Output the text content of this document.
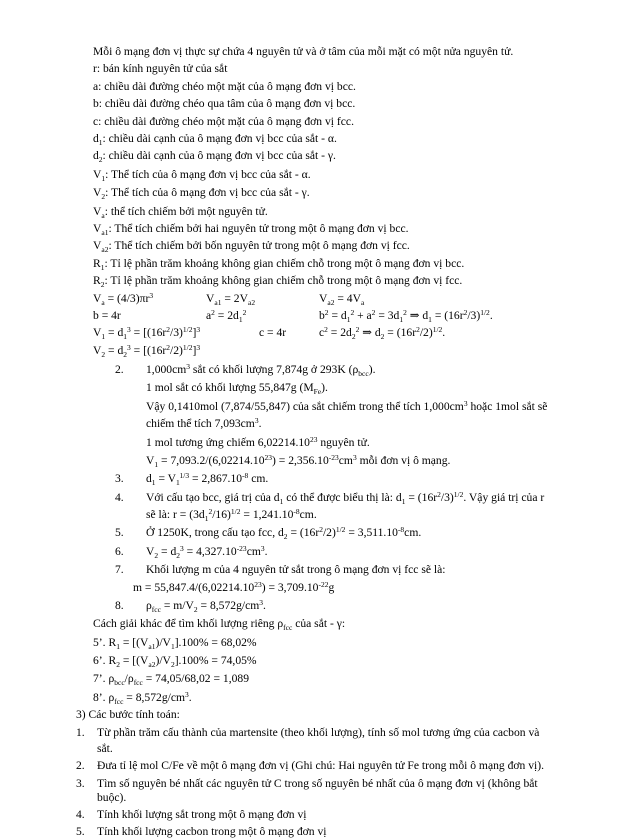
Mỗi ô mạng đơn vị thực sự chứa 4 nguyên tử và ở tâm của mỗi mặt có một nửa nguyên tử.
r: bán kính nguyên tử của sắt
a: chiều dài đường chéo một mặt của ô mạng đơn vị bcc.
b: chiều dài đường chéo qua tâm của ô mạng đơn vị bcc.
c: chiều dài đường chéo một mặt của ô mạng đơn vị fcc.
$d_1$: chiều dài cạnh của ô mạng đơn vị bcc của sắt - α.
$d_2$: chiều dài cạnh của ô mạng đơn vị bcc của sắt - γ.
$V_1$: Thể tích của ô mạng đơn vị bcc của sắt - α.
$V_2$: Thể tích của ô mạng đơn vị bcc của sắt - γ.
$V_a$: thể tích chiếm bởi một nguyên tử.
$V_{a1}$: Thể tích chiếm bởi hai nguyên tử trong một ô mạng đơn vị bcc.
$V_{a2}$: Thể tích chiếm bởi bốn nguyên tử trong một ô mạng đơn vị fcc.
$R_1$: Tỉ lệ phần trăm khoảng không gian chiếm chỗ trong một ô mạng đơn vị bcc.
$R_2$: Tỉ lệ phần trăm khoảng không gian chiếm chỗ trong một ô mạng đơn vị fcc.
$V_a = (4/3)\pi r^3$	$V_{a1} = 2V_{a2}$	$V_{a2} = 4V_a$
b = 4r	$a^2 = 2d_1^2$	$b^2 = d_1^2 + a^2 = 3d_1^2$ ⇒ $d_1 = (16r^2/3)^{1/2}$.
$V_1 = d_1^3 = [(16r^2/3)^{1/2}]^3$	c = 4r	$c^2 = 2d_2^2$ ⇒ $d_2 = (16r^2/2)^{1/2}$.
$V_2 = d_2^3 = [(16r^2/2)^{1/2}]^3$
2. $1,000cm^3$ sắt có khối lượng 7,874g ở 293K $(\rho_{bcc})$.
1 mol sắt có khối lượng 55,847g $(M_{Fe})$.
Vậy 0,1410mol (7,874/55,847) của sắt chiếm trong thể tích $1,000cm^3$ hoặc 1mol sắt sẽ
chiếm thể tích $7,093cm^3$.
1 mol tương ứng chiếm 6,02214.10$^{23}$ nguyên tử.
$V_1 = 7,093.2/(6,02214.10^{23}) = 2,356.10^{-23}cm^3$ mỗi đơn vị ô mạng.
3. $d_1 = V_1^{1/3} = 2,867.10^{-8}$ cm.
4. Với cấu tạo bcc, giá trị của $d_1$ có thể được biểu thị là: $d_1 = (16r^2/3)^{1/2}$. Vậy giá trị của r
sẽ là: $r = (3d_1^2/16)^{1/2} = 1,241.10^{-8}cm$.
5. Ở 1250K, trong cấu tạo fcc, $d_2 = (16r^2/2)^{1/2} = 3,511.10^{-8}cm$.
6. $V_2 = d_2^3 = 4,327.10^{-23}cm^3$.
7. Khối lượng m của 4 nguyên tử sắt trong ô mạng đơn vị fcc sẽ là:
$m = 55,847.4/(6,02214.10^{23}) = 3,709.10^{-22}g$
8. $\rho_{fcc} = m/V_2 = 8,572g/cm^3$.
Cách giải khác để tìm khối lượng riêng $\rho_{fcc}$ của sắt - γ:
5’. $R_1 = [(V_{a1})/V_1].100\% = 68,02\%$
6’. $R_2 = [(V_{a2})/V_2].100\% = 74,05\%$
7’. $\rho_{bcc}/\rho_{fcc} = 74,05/68,02 = 1,089$
8’. $\rho_{fcc} = 8,572g/cm^3$.
3) Các bước tính toán:
1. Từ phần trăm cấu thành của martensite (theo khối lượng), tính số mol tương ứng của cacbon và
sắt.
2. Đưa tỉ lệ mol C/Fe về một ô mạng đơn vị (Ghi chú: Hai nguyên tử Fe trong mỗi ô mạng đơn vị).
3. Tìm số nguyên bé nhất các nguyên tử C trong số nguyên bé nhất của ô mạng đơn vị (không bắt
buộc).
4. Tính khối lượng sắt trong một ô mạng đơn vị
5. Tính khối lượng cacbon trong một ô mạng đơn vị
